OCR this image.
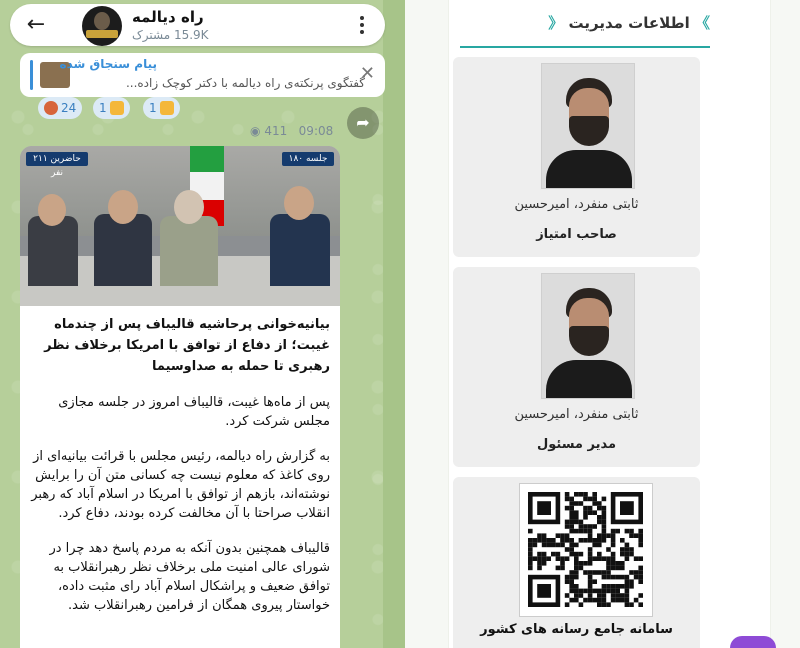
←	راه دیالمه
15.9K مشترک
پیام سنجاق شده
گفتگوی پرنکته‌ی راه دیالمه با دکتر کوچک زاده...
✕
24 1	1
◉ 411 09:08	➦
حاضرین ۲۱۱ نفر
جلسه ۱۸۰
بیانیه‌خوانی پرحاشیه قالیباف پس از چندماه غیبت؛ از دفاع از توافق با امریکا برخلاف نظر رهبری تا حمله به صداوسیما
پس از ماه‌ها غیبت، قالیباف امروز در جلسه مجازی مجلس شرکت کرد.
به گزارش راه دیالمه، رئیس مجلس با قرائت بیانیه‌ای از روی کاغذ که معلوم نیست چه کسانی متن آن را برایش نوشته‌اند، بازهم از توافق با امریکا در اسلام آباد که رهبر انقلاب صراحتا با آن مخالفت کرده بودند، دفاع کرد.
قالیباف همچنین بدون آنکه به مردم پاسخ دهد چرا در شورای عالی امنیت ملی برخلاف نظر رهبرانقلاب به توافق ضعیف و پراشکال اسلام آباد رای مثبت داده، خواستار پیروی همگان از فرامین رهبرانقلاب شد.
》 اطلاعات مدیریت 《
ثابتی منفرد، امیرحسین
صاحب امتیاز
ثابتی منفرد، امیرحسین
مدیر مسئول
سامانه جامع رسانه های کشور
